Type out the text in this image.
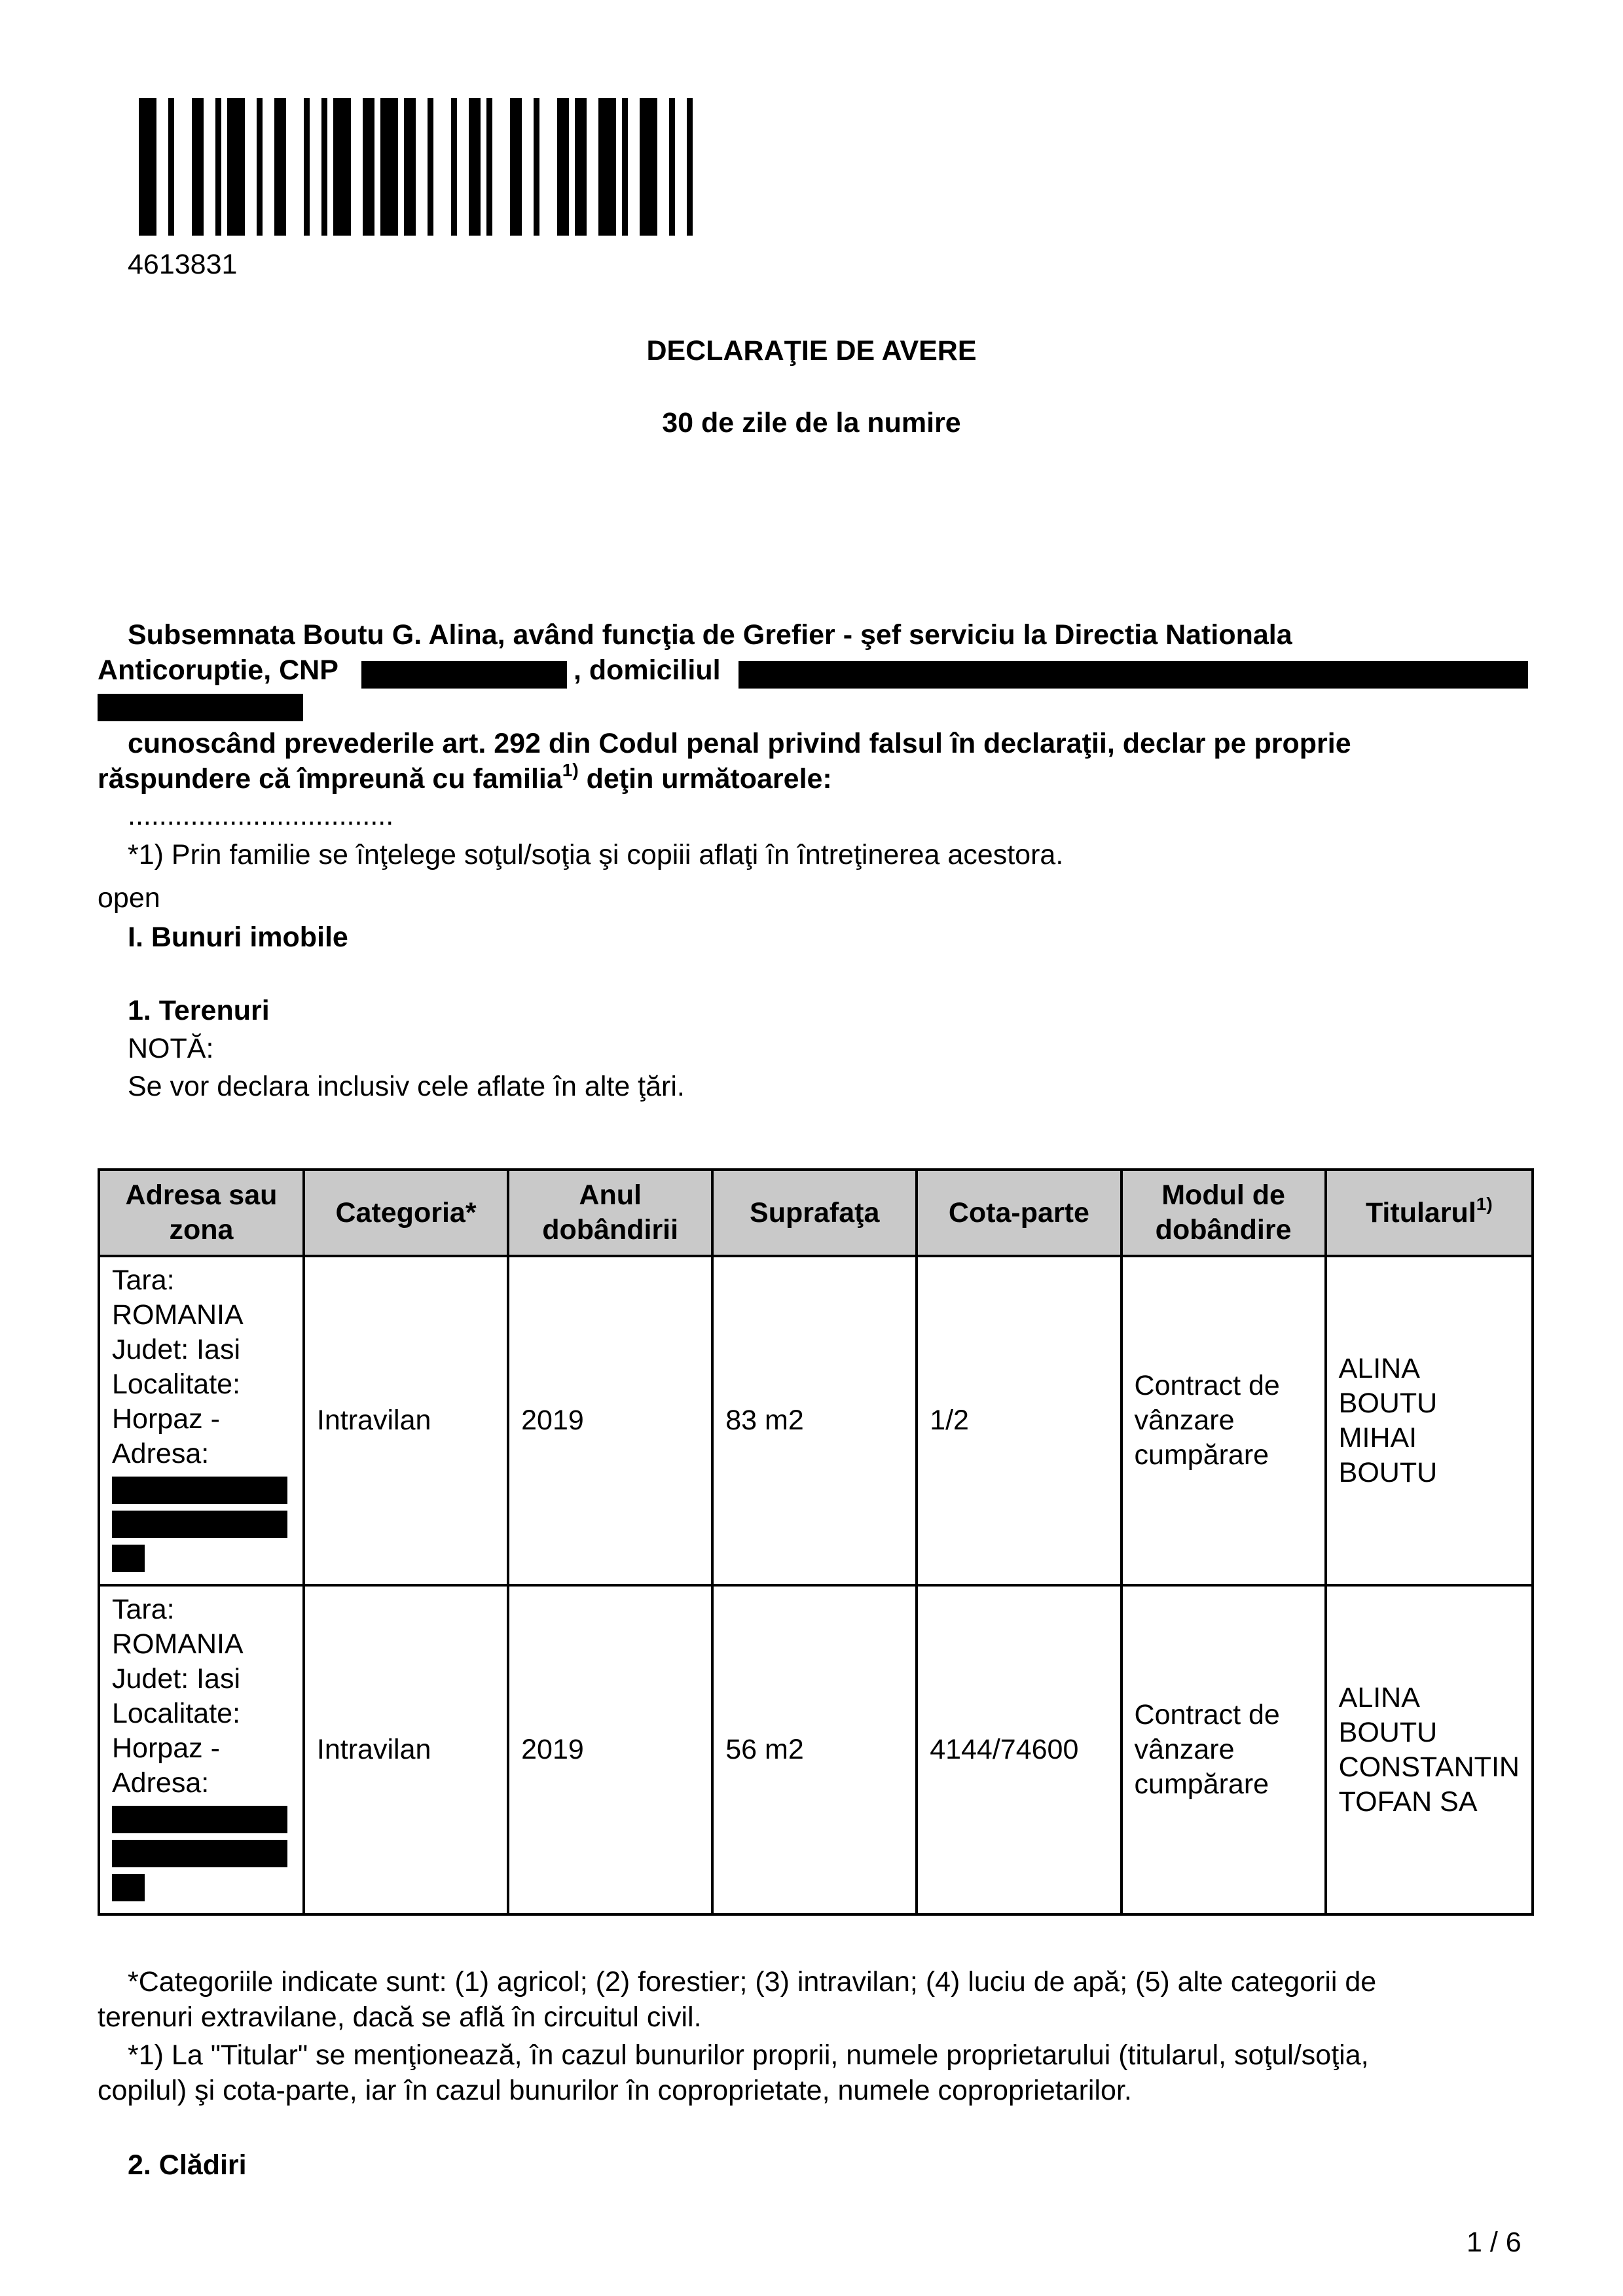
4613831
DECLARAŢIE DE AVERE
30 de zile de la numire
Subsemnata Boutu G. Alina, având funcţia de Grefier - şef serviciu la Directia Nationala
Anticoruptie, CNP	, domiciliul
cunoscând prevederile art. 292 din Codul penal privind falsul în declaraţii, declar pe proprie
răspundere că împreună cu familia$^{1)}$ deţin următoarele:
..................................
*1) Prin familie se înţelege soţul/soţia şi copiii aflaţi în întreţinerea acestora.
open
I. Bunuri imobile
1. Terenuri
NOTĂ:
Se vor declara inclusiv cele aflate în alte ţări.
Adresa sau zona	Categoria*	Anul dobândirii	Suprafaţa	Cota-parte	Modul de dobândire	Titularul$^{1)}$

Tara: ROMANIA Judet: Iasi Localitate: Horpaz - Adresa:	Intravilan	2019	83 m2	1/2	Contract de vânzare cumpărare	ALINA BOUTU MIHAI BOUTU

Tara: ROMANIA Judet: Iasi Localitate: Horpaz - Adresa:	Intravilan	2019	56 m2	4144/74600	Contract de vânzare cumpărare	ALINA BOUTU CONSTANTIN TOFAN SA
*Categoriile indicate sunt: (1) agricol; (2) forestier; (3) intravilan; (4) luciu de apă; (5) alte categorii de
terenuri extravilane, dacă se află în circuitul civil.
*1) La "Titular" se menţionează, în cazul bunurilor proprii, numele proprietarului (titularul, soţul/soţia,
copilul) şi cota-parte, iar în cazul bunurilor în coproprietate, numele coproprietarilor.
2. Clădiri
1 / 6
